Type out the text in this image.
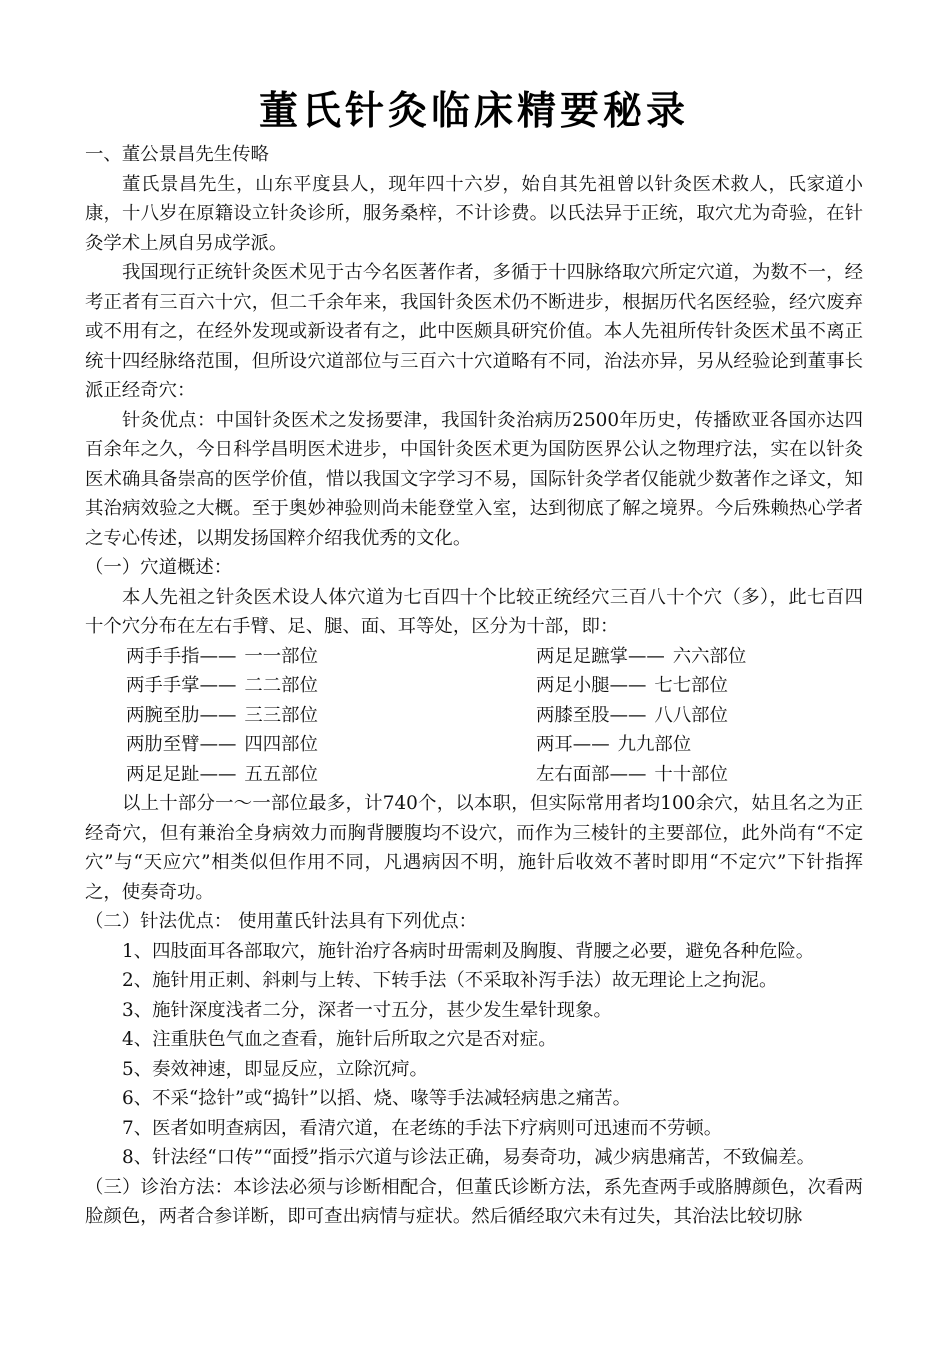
董氏针灸临床精要秘录

一、董公景昌先生传略

董氏景昌先生，山东平度县人，现年四十六岁，始自其先祖曾以针灸医术救人，氏家道小康，十八岁在原籍设立针灸诊所，服务桑梓，不计诊费。以氏法异于正统，取穴尤为奇验，在针灸学术上夙自另成学派。

我国现行正统针灸医术见于古今名医著作者，多循于十四脉络取穴所定穴道，为数不一，经考正者有三百六十穴，但二千余年来，我国针灸医术仍不断进步，根据历代名医经验，经穴废弃或不用有之，在经外发现或新设者有之，此中医颇具研究价值。本人先祖所传针灸医术虽不离正统十四经脉络范围，但所设穴道部位与三百六十穴道略有不同，治法亦异，另从经验论到董事长派正经奇穴：

针灸优点：中国针灸医术之发扬要津，我国针灸治病历2500年历史，传播欧亚各国亦达四百余年之久，今日科学昌明医术进步，中国针灸医术更为国防医界公认之物理疗法，实在以针灸医术确具备崇高的医学价值，惜以我国文字学习不易，国际针灸学者仅能就少数著作之译文，知其治病效验之大概。至于奥妙神验则尚未能登堂入室，达到彻底了解之境界。今后殊赖热心学者之专心传述，以期发扬国粹介绍我优秀的文化。

（一）穴道概述：

本人先祖之针灸医术设人体穴道为七百四十个比较正统经穴三百八十个穴（多），此七百四十个穴分布在左右手臂、足、腿、面、耳等处，区分为十部，即：

两手手指—— 一一部位	两足足蹠掌—— 六六部位
两手手掌—— 二二部位	两足小腿—— 七七部位
两腕至肋—— 三三部位	两膝至股—— 八八部位
两肋至臂—— 四四部位	两耳—— 九九部位
两足足趾—— 五五部位	左右面部—— 十十部位

以上十部分一～一部位最多，计740个，以本职，但实际常用者均100余穴，姑且名之为正经奇穴，但有兼治全身病效力而胸背腰腹均不设穴，而作为三棱针的主要部位，此外尚有“不定穴”与“天应穴”相类似但作用不同，凡遇病因不明，施针后收效不著时即用“不定穴”下针指挥之，使奏奇功。

（二）针法优点： 使用董氏针法具有下列优点：

1、四肢面耳各部取穴，施针治疗各病时毌需刺及胸腹、背腰之必要，避免各种危险。

2、施针用正刺、斜刺与上转、下转手法（不采取补泻手法）故无理论上之拘泥。

3、施针深度浅者二分，深者一寸五分，甚少发生晕针现象。

4、注重肤色气血之查看，施针后所取之穴是否对症。

5、奏效神速，即显反应，立除沉疴。

6、不采“捻针”或“捣针”以搯、烧、喙等手法减轻病患之痛苦。

7、医者如明查病因，看清穴道，在老练的手法下疗病则可迅速而不劳顿。

8、针法经“口传”“面授”指示穴道与诊法正确，易奏奇功，减少病患痛苦，不致偏差。

（三）诊治方法：本诊法必须与诊断相配合，但董氏诊断方法，系先查两手或胳膊颜色，次看两脸颜色，两者合参详断，即可查出病情与症状。然后循经取穴未有过失，其治法比较切脉
